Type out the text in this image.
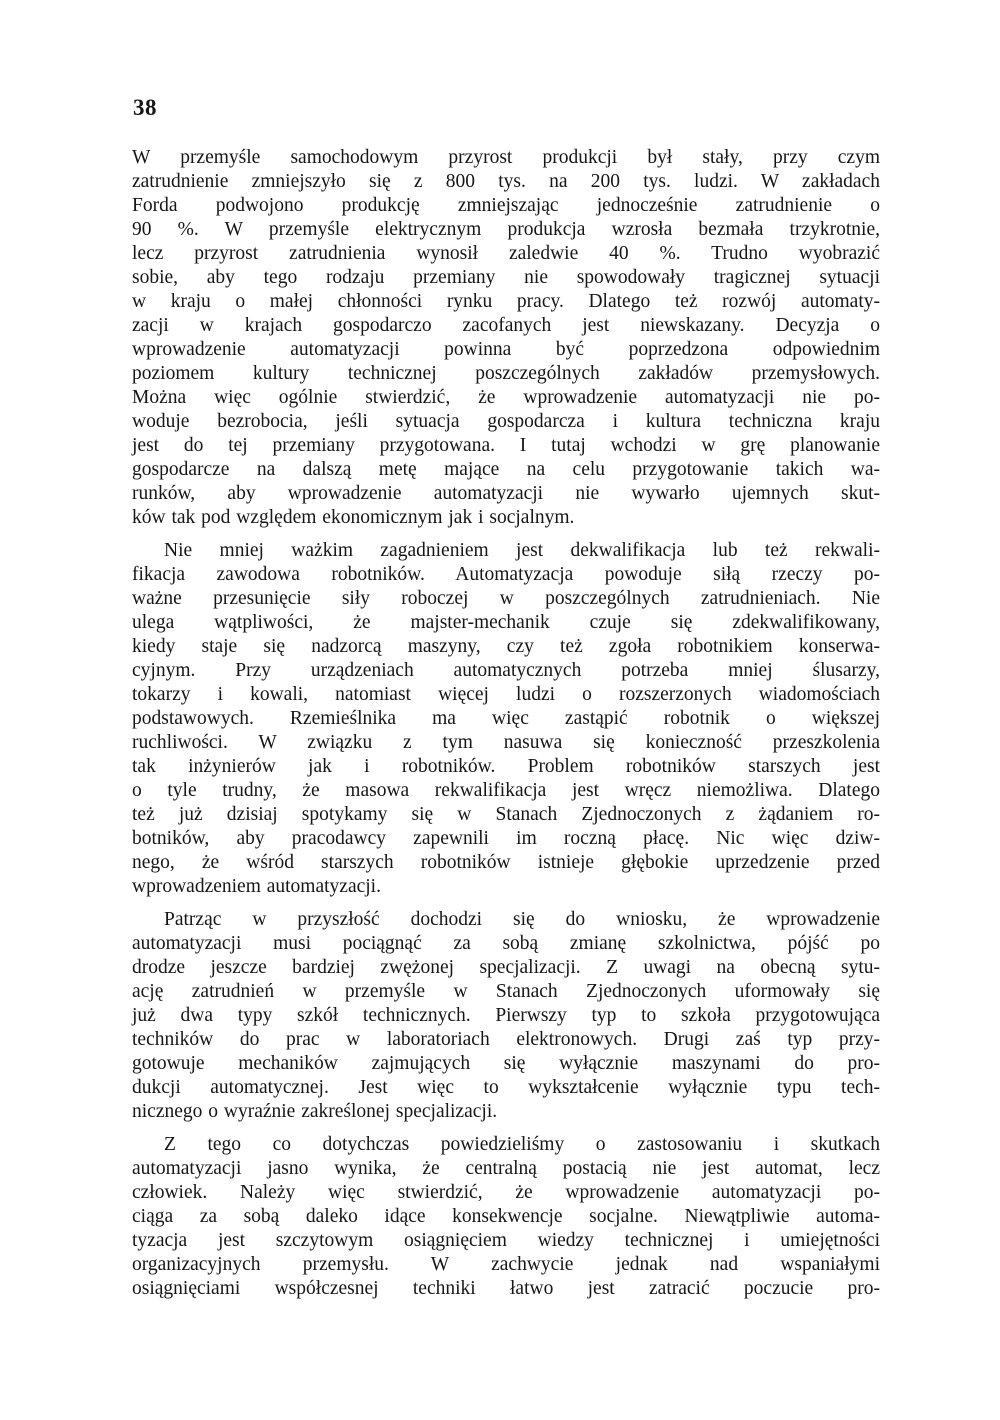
38
W przemyśle samochodowym przyrost produkcji był stały, przy czym
zatrudnienie zmniejszyło się z 800 tys. na 200 tys. ludzi. W zakładach
Forda podwojono produkcję zmniejszając jednocześnie zatrudnienie o
90 %. W przemyśle elektrycznym produkcja wzrosła bezmała trzykrotnie,
lecz przyrost zatrudnienia wynosił zaledwie 40 %. Trudno wyobrazić
sobie, aby tego rodzaju przemiany nie spowodowały tragicznej sytuacji
w kraju o małej chłonności rynku pracy. Dlatego też rozwój automaty-
zacji w krajach gospodarczo zacofanych jest niewskazany. Decyzja o
wprowadzenie automatyzacji powinna być poprzedzona odpowiednim
poziomem kultury technicznej poszczególnych zakładów przemysłowych.
Można więc ogólnie stwierdzić, że wprowadzenie automatyzacji nie po-
woduje bezrobocia, jeśli sytuacja gospodarcza i kultura techniczna kraju
jest do tej przemiany przygotowana. I tutaj wchodzi w grę planowanie
gospodarcze na dalszą metę mające na celu przygotowanie takich wa-
runków, aby wprowadzenie automatyzacji nie wywarło ujemnych skut-
ków tak pod względem ekonomicznym jak i socjalnym.
Nie mniej ważkim zagadnieniem jest dekwalifikacja lub też rekwali-
fikacja zawodowa robotników. Automatyzacja powoduje siłą rzeczy po-
ważne przesunięcie siły roboczej w poszczególnych zatrudnieniach. Nie
ulega wątpliwości, że majster-mechanik czuje się zdekwalifikowany,
kiedy staje się nadzorcą maszyny, czy też zgoła robotnikiem konserwa-
cyjnym. Przy urządzeniach automatycznych potrzeba mniej ślusarzy,
tokarzy i kowali, natomiast więcej ludzi o rozszerzonych wiadomościach
podstawowych. Rzemieślnika ma więc zastąpić robotnik o większej
ruchliwości. W związku z tym nasuwa się konieczność przeszkolenia
tak inżynierów jak i robotników. Problem robotników starszych jest
o tyle trudny, że masowa rekwalifikacja jest wręcz niemożliwa. Dlatego
też już dzisiaj spotykamy się w Stanach Zjednoczonych z żądaniem ro-
botników, aby pracodawcy zapewnili im roczną płacę. Nic więc dziw-
nego, że wśród starszych robotników istnieje głębokie uprzedzenie przed
wprowadzeniem automatyzacji.
Patrząc w przyszłość dochodzi się do wniosku, że wprowadzenie
automatyzacji musi pociągnąć za sobą zmianę szkolnictwa, pójść po
drodze jeszcze bardziej zwężonej specjalizacji. Z uwagi na obecną sytu-
ację zatrudnień w przemyśle w Stanach Zjednoczonych uformowały się
już dwa typy szkół technicznych. Pierwszy typ to szkoła przygotowująca
techników do prac w laboratoriach elektronowych. Drugi zaś typ przy-
gotowuje mechaników zajmujących się wyłącznie maszynami do pro-
dukcji automatycznej. Jest więc to wykształcenie wyłącznie typu tech-
nicznego o wyraźnie zakreślonej specjalizacji.
Z tego co dotychczas powiedzieliśmy o zastosowaniu i skutkach
automatyzacji jasno wynika, że centralną postacią nie jest automat, lecz
człowiek. Należy więc stwierdzić, że wprowadzenie automatyzacji po-
ciąga za sobą daleko idące konsekwencje socjalne. Niewątpliwie automa-
tyzacja jest szczytowym osiągnięciem wiedzy technicznej i umiejętności
organizacyjnych przemysłu. W zachwycie jednak nad wspaniałymi
osiągnięciami współczesnej techniki łatwo jest zatracić poczucie pro-
